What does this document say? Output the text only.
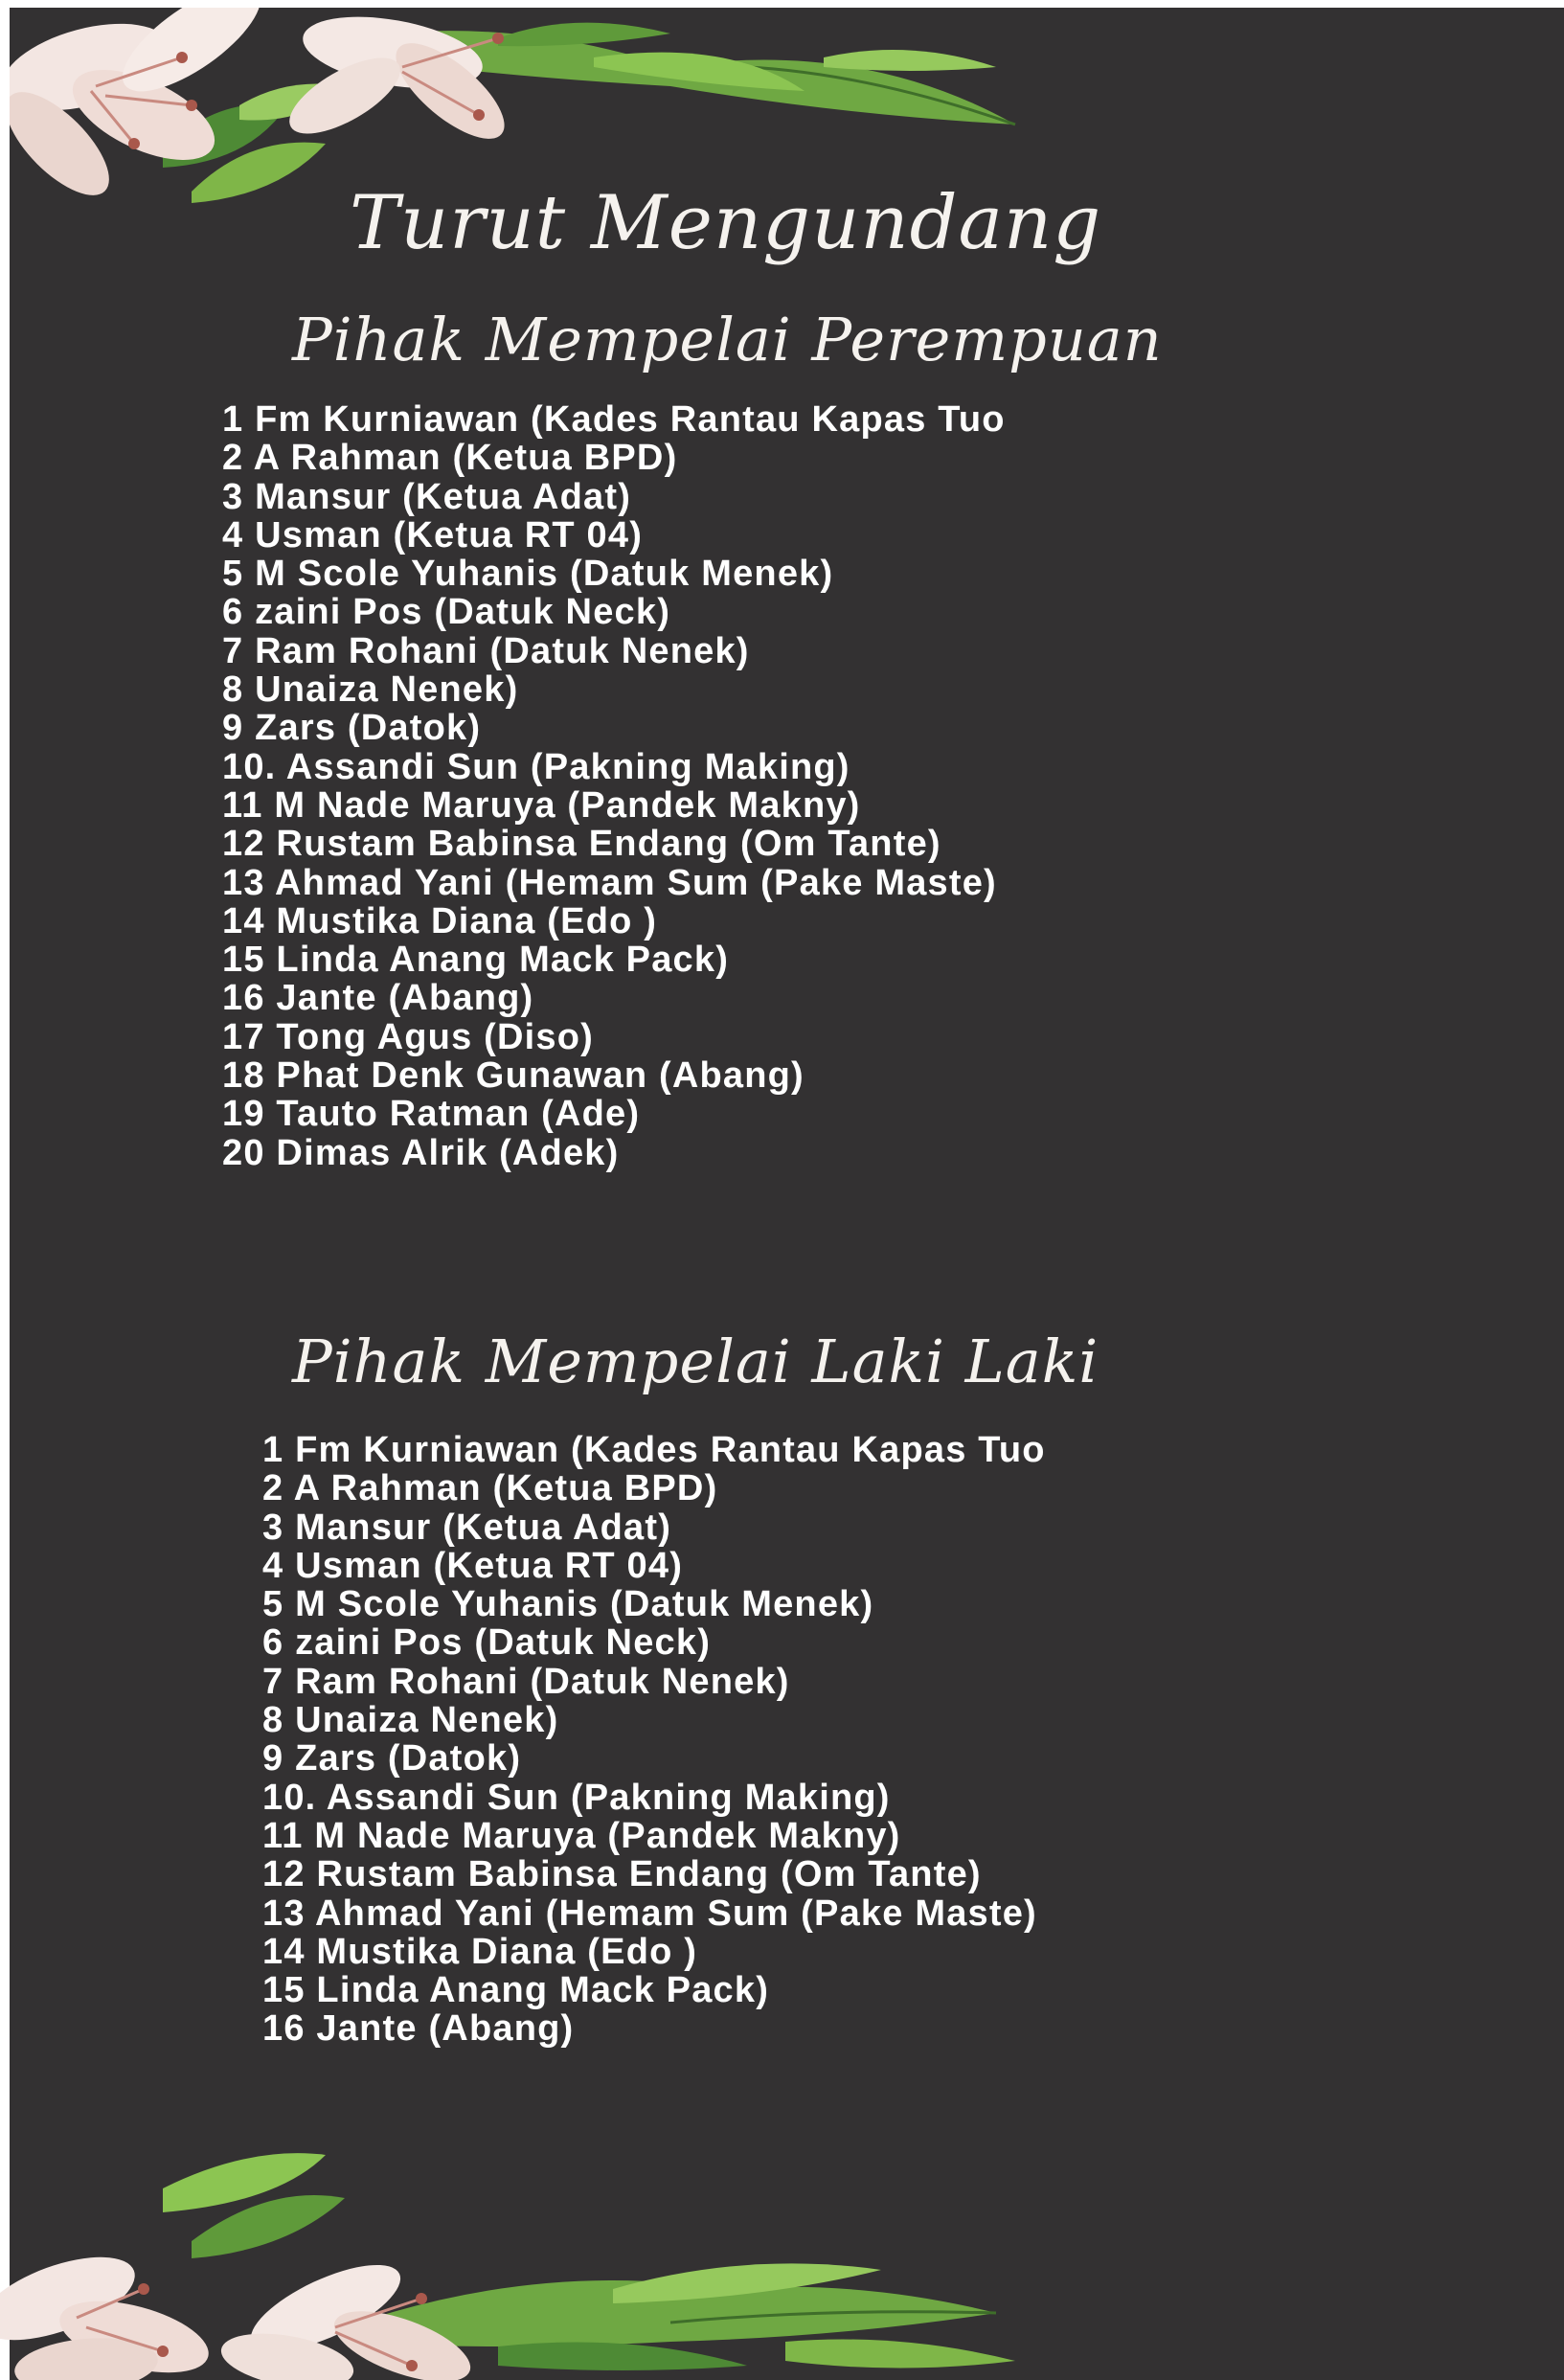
Turut Mengundang
Pihak Mempelai Perempuan
1 Fm Kurniawan (Kades Rantau Kapas Tuo
2 A Rahman (Ketua BPD)
3 Mansur (Ketua Adat)
4 Usman (Ketua RT 04)
5 M Scole Yuhanis (Datuk Menek)
6 zaini Pos (Datuk Neck)
7 Ram Rohani (Datuk Nenek)
8 Unaiza Nenek)
9 Zars (Datok)
10. Assandi Sun (Pakning Making)
11 M Nade Maruya (Pandek Makny)
12 Rustam Babinsa Endang (Om Tante)
13 Ahmad Yani (Hemam Sum (Pake Maste)
14 Mustika Diana (Edo )
15 Linda Anang Mack Pack)
16 Jante (Abang)
17 Tong Agus (Diso)
18 Phat Denk Gunawan (Abang)
19 Tauto Ratman (Ade)
20 Dimas Alrik (Adek)
Pihak Mempelai Laki Laki
1 Fm Kurniawan (Kades Rantau Kapas Tuo
2 A Rahman (Ketua BPD)
3 Mansur (Ketua Adat)
4 Usman (Ketua RT 04)
5 M Scole Yuhanis (Datuk Menek)
6 zaini Pos (Datuk Neck)
7 Ram Rohani (Datuk Nenek)
8 Unaiza Nenek)
9 Zars (Datok)
10. Assandi Sun (Pakning Making)
11 M Nade Maruya (Pandek Makny)
12 Rustam Babinsa Endang (Om Tante)
13 Ahmad Yani (Hemam Sum (Pake Maste)
14 Mustika Diana (Edo )
15 Linda Anang Mack Pack)
16 Jante (Abang)
